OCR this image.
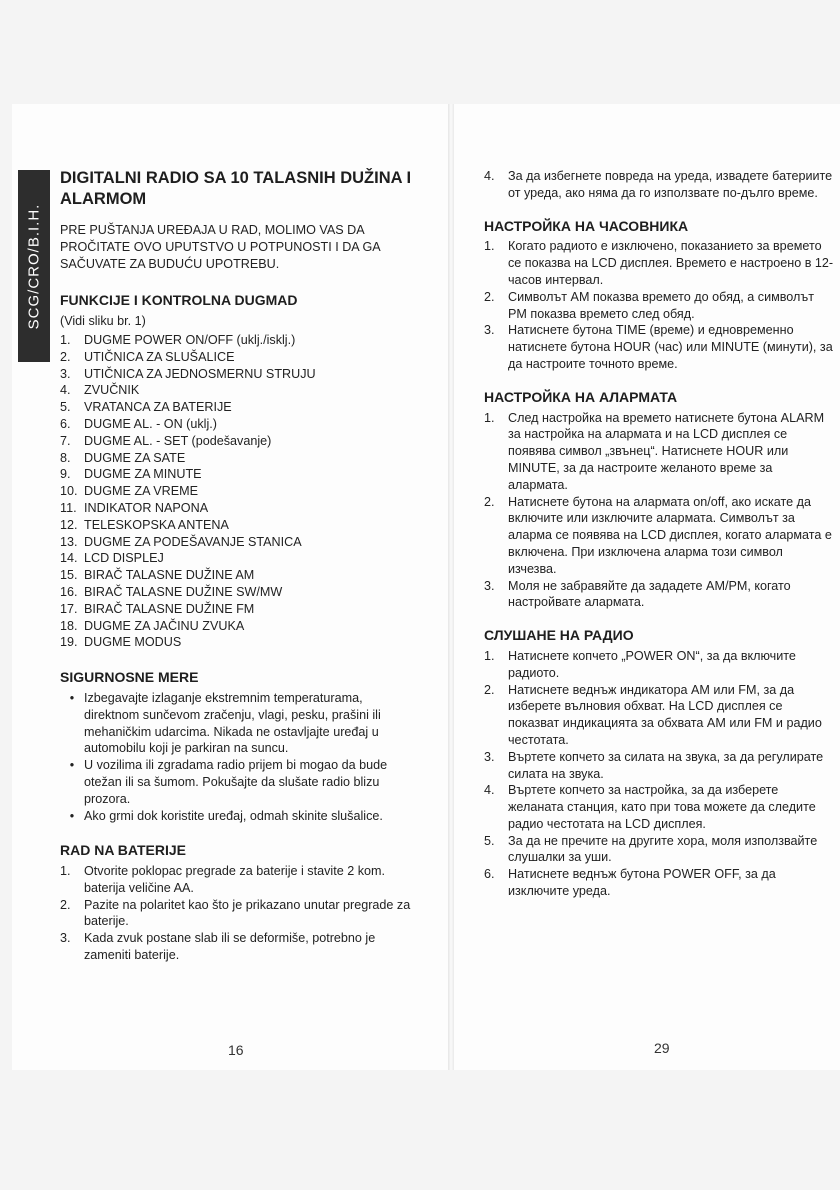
SCG/CRO/B.I.H.
DIGITALNI RADIO SA 10 TALASNIH DUŽINA I ALARMOM

PRE PUŠTANJA UREĐAJA U RAD, MOLIMO VAS DA PROČITATE OVO UPUTSTVO U POTPUNOSTI I DA GA SAČUVATE ZA BUDUĆU UPOTREBU.

FUNKCIJE I KONTROLNA DUGMAD

(Vidi sliku br. 1)

1.	DUGME POWER ON/OFF (uklj./isklj.)
2.	UTIČNICA ZA SLUŠALICE
3.	UTIČNICA ZA JEDNOSMERNU STRUJU
4.	ZVUČNIK
5.	VRATANCA ZA BATERIJE
6.	DUGME AL. - ON (uklj.)
7.	DUGME AL. - SET (podešavanje)
8.	DUGME ZA SATE
9.	DUGME ZA MINUTE
10. DUGME ZA VREME
11. INDIKATOR NAPONA
12. TELESKOPSKA ANTENA
13. DUGME ZA PODEŠAVANJE STANICA
14. LCD DISPLEJ
15. BIRAČ TALASNE DUŽINE AM
16. BIRAČ TALASNE DUŽINE SW/MW
17. BIRAČ TALASNE DUŽINE FM
18. DUGME ZA JAČINU ZVUKA
19. DUGME MODUS
SIGURNOSNE MERE
• Izbegavajte izlaganje ekstremnim temperaturama, direktnom sunčevom zračenju, vlagi, pesku, prašini ili mehaničkim udarcima. Nikada ne ostavljajte uređaj u automobilu koji je parkiran na suncu.
• U vozilima ili zgradama radio prijem bi mogao da bude otežan ili sa šumom. Pokušajte da slušate radio blizu prozora.
• Ako grmi dok koristite uređaj, odmah skinite slušalice.
RAD NA BATERIJE
1.	Otvorite poklopac pregrade za baterije i stavite 2 kom. baterija veličine AA.
2.	Pazite na polaritet kao što je prikazano unutar pregrade za baterije.
3.	Kada zvuk postane slab ili se deformiše, potrebno je zameniti baterije.
16
4.	За да избегнете повреда на уреда, извадете батериите от уреда, ако няма да го използвате по-дълго време.
НАСТРОЙКА НА ЧАСОВНИКА
1.	Когато радиото е изключено, показанието за времето се показва на LCD дисплея. Времето е настроено в 12-часов интервал.
2.	Символът AM показва времето до обяд, а символът PM показва времето след обяд.
3.	Натиснете бутона TIME (време) и едновременно натиснете бутона HOUR (час) или MINUTE (минути), за да настроите точното време.
НАСТРОЙКА НА АЛАРМАТА
1.	След настройка на времето натиснете бутона ALARM за настройка на алармата и на LCD дисплея се появява символ „звънец“. Натиснете HOUR или MINUTE, за да настроите желаното време за алармата.
2.	Натиснете бутона на алармата on/off, ако искате да включите или изключите алармата. Символът за аларма се появява на LCD дисплея, когато алармата е включена. При изключена аларма този символ изчезва.
3.	Моля не забравяйте да зададете AM/PM, когато настройвате алармата.
СЛУШАНЕ НА РАДИО
1.	Натиснете копчето „POWER ON“, за да включите радиото.
2.	Натиснете веднъж индикатора AM или FM, за да изберете вълновия обхват. На LCD дисплея се показват индикацията за обхвата AM или FM и радио честотата.
3.	Въртете копчето за силата на звука, за да регулирате силата на звука.
4.	Въртете копчето за настройка, за да изберете желаната станция, като при това можете да следите радио честотата на LCD дисплея.
5.	За да не пречите на другите хора, моля използвайте слушалки за уши.
6.	Натиснете веднъж бутона POWER OFF, за да изключите уреда.
29
